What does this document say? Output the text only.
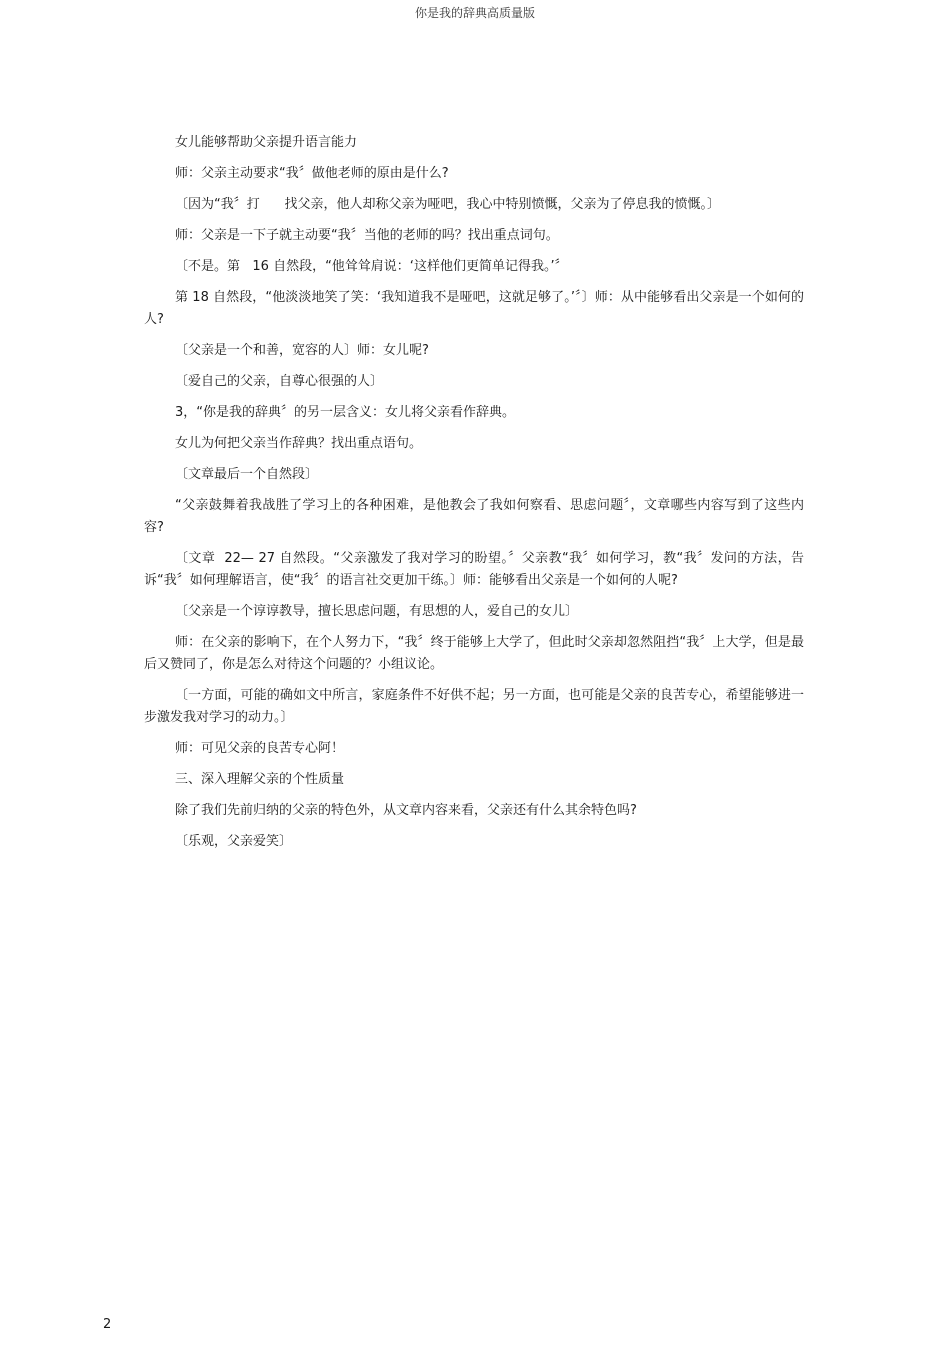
你是我的辞典高质量版

女儿能够帮助父亲提升语言能力

师：父亲主动要求“我〞做他老师的原由是什么?

〔因为“我〞打      找父亲，他人却称父亲为哑吧，我心中特别愤慨，父亲为了停息我的愤慨。〕

师：父亲是一下子就主动要“我〞当他的老师的吗？找出重点词句。

〔不是。第   16 自然段，“他耸耸肩说：‘这样他们更简单记得我。’〞

第 18 自然段，“他淡淡地笑了笑：‘我知道我不是哑吧，这就足够了。’〞〕师：从中能够看出父亲是一个如何的人?

〔父亲是一个和善，宽容的人〕师：女儿呢?

〔爱自己的父亲，自尊心很强的人〕

3，“你是我的辞典〞的另一层含义：女儿将父亲看作辞典。

女儿为何把父亲当作辞典？找出重点语句。

〔文章最后一个自然段〕

“父亲鼓舞着我战胜了学习上的各种困难，是他教会了我如何察看、思虑问题〞，文章哪些内容写到了这些内容?

〔文章  22— 27 自然段。“父亲激发了我对学习的盼望。〞父亲教“我〞如何学习，教“我〞发问的方法，告诉“我〞如何理解语言，使“我〞的语言社交更加干练。〕师：能够看出父亲是一个如何的人呢?

〔父亲是一个谆谆教导，擅长思虑问题，有思想的人，爱自己的女儿〕

师：在父亲的影响下，在个人努力下，“我〞终于能够上大学了，但此时父亲却忽然阻挡“我〞上大学，但是最后又赞同了，你是怎么对待这个问题的？小组议论。

〔一方面，可能的确如文中所言，家庭条件不好供不起；另一方面，也可能是父亲的良苦专心，希望能够进一步激发我对学习的动力。〕

师：可见父亲的良苦专心阿！

三、深入理解父亲的个性质量

除了我们先前归纳的父亲的特色外，从文章内容来看，父亲还有什么其余特色吗?

〔乐观，父亲爱笑〕

2
